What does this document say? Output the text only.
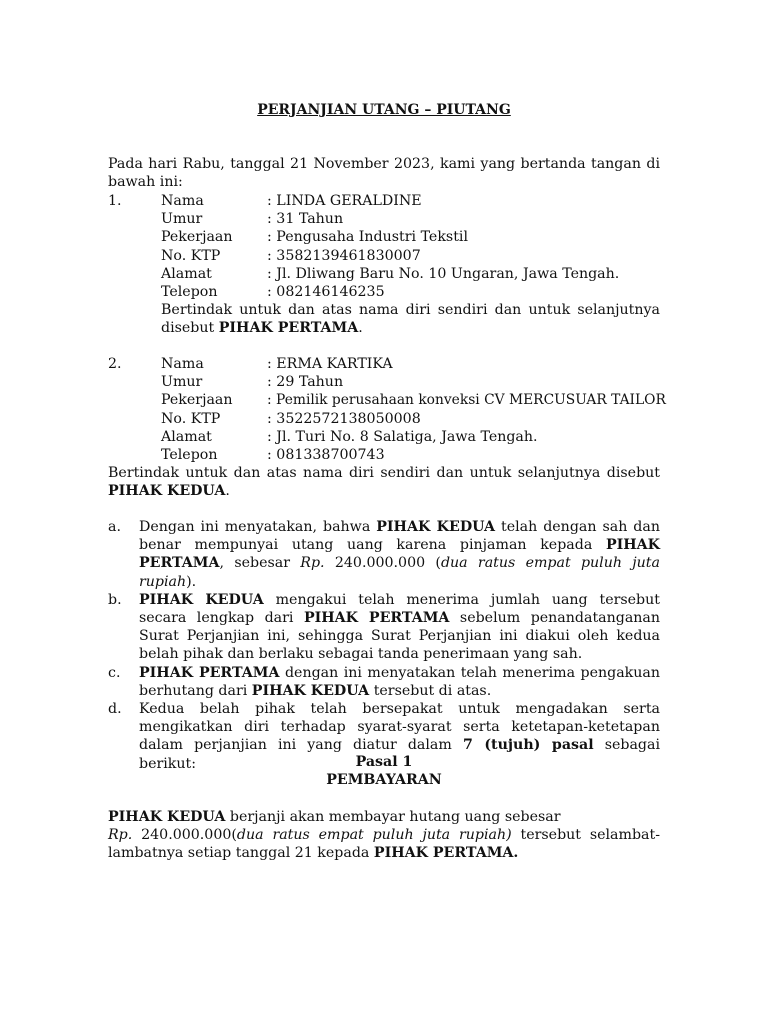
PERJANJIAN UTANG – PIUTANG
Pada hari Rabu, tanggal 21 November 2023, kami yang bertanda tangan di bawah ini:
1.	Nama	: LINDA GERALDINE
Umur	: 31 Tahun
Pekerjaan : Pengusaha Industri Tekstil
No. KTP	: 3582139461830007
Alamat	: Jl. Dliwang Baru No. 10 Ungaran, Jawa Tengah.
Telepon	: 082146146235
Bertindak untuk dan atas nama diri sendiri dan untuk selanjutnya disebut PIHAK PERTAMA.
2.	Nama	: ERMA KARTIKA
Umur	: 29 Tahun
Pekerjaan : Pemilik perusahaan konveksi CV MERCUSUAR TAILOR
No. KTP	: 3522572138050008
Alamat	: Jl. Turi No. 8 Salatiga, Jawa Tengah.
Telepon	: 081338700743
Bertindak untuk dan atas nama diri sendiri dan untuk selanjutnya disebut PIHAK KEDUA.
a. Dengan ini menyatakan, bahwa PIHAK KEDUA telah dengan sah dan benar mempunyai utang uang karena pinjaman kepada PIHAK PERTAMA, sebesar Rp. 240.000.000 (dua ratus empat puluh juta rupiah).
b. PIHAK KEDUA mengakui telah menerima jumlah uang tersebut secara lengkap dari PIHAK PERTAMA sebelum penandatanganan Surat Perjanjian ini, sehingga Surat Perjanjian ini diakui oleh kedua belah pihak dan berlaku sebagai tanda penerimaan yang sah.
c. PIHAK PERTAMA dengan ini menyatakan telah menerima pengakuan berhutang dari PIHAK KEDUA tersebut di atas.
d. Kedua belah pihak telah bersepakat untuk mengadakan serta mengikatkan diri terhadap syarat-syarat serta ketetapan-ketetapan dalam perjanjian ini yang diatur dalam 7 (tujuh) pasal sebagai berikut:	Pasal 1
PEMBAYARAN
PIHAK KEDUA berjanji akan membayar hutang uang sebesar
Rp. 240.000.000(dua ratus empat puluh juta rupiah) tersebut selambat-lambatnya setiap tanggal 21 kepada PIHAK PERTAMA.
